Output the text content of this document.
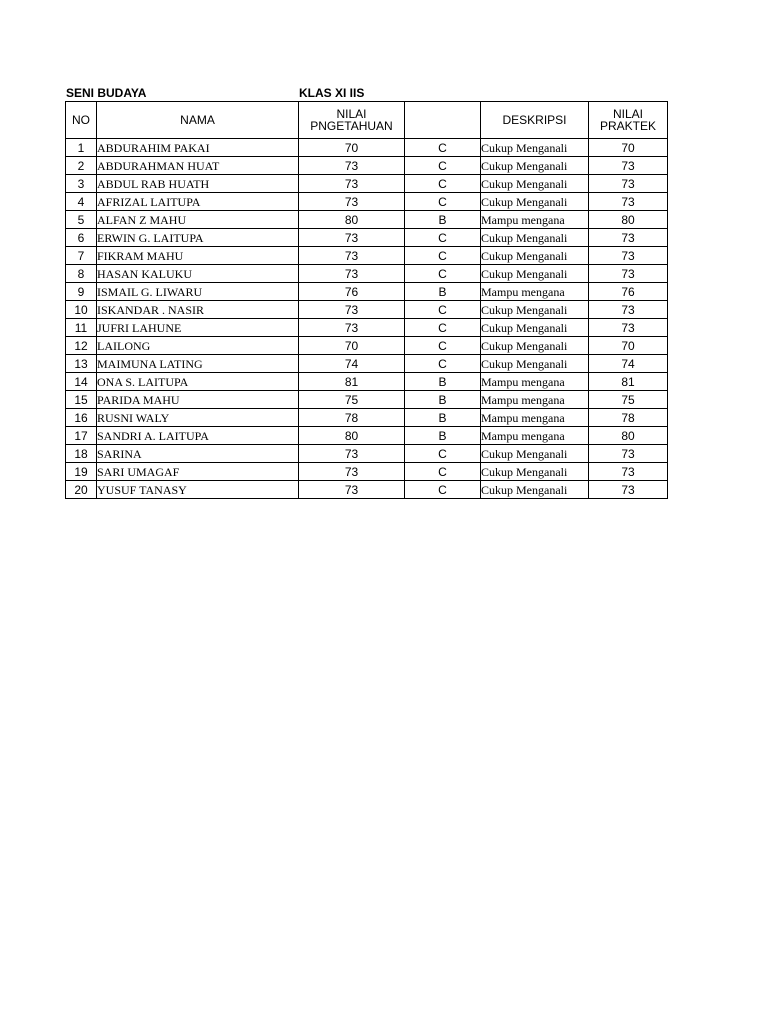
SENI BUDAYA	KLAS XI IIS
NO	NAMA	NILAI PNGETAHUAN		DESKRIPSI	NILAI PRAKTEK
1	ABDURAHIM PAKAI	70	C	Cukup Menganali	70
2	ABDURAHMAN HUAT	73	C	Cukup Menganali	73
3	ABDUL RAB HUATH	73	C	Cukup Menganali	73
4	AFRIZAL LAITUPA	73	C	Cukup Menganali	73
5	ALFAN Z MAHU	80	B	Mampu mengana	80
6	ERWIN G. LAITUPA	73	C	Cukup Menganali	73
7	FIKRAM MAHU	73	C	Cukup Menganali	73
8	HASAN KALUKU	73	C	Cukup Menganali	73
9	ISMAIL G. LIWARU	76	B	Mampu mengana	76
10	ISKANDAR . NASIR	73	C	Cukup Menganali	73
11	JUFRI LAHUNE	73	C	Cukup Menganali	73
12	LAILONG	70	C	Cukup Menganali	70
13	MAIMUNA LATING	74	C	Cukup Menganali	74
14	ONA S. LAITUPA	81	B	Mampu mengana	81
15	PARIDA MAHU	75	B	Mampu mengana	75
16	RUSNI WALY	78	B	Mampu mengana	78
17	SANDRI A. LAITUPA	80	B	Mampu mengana	80
18	SARINA	73	C	Cukup Menganali	73
19	SARI UMAGAF	73	C	Cukup Menganali	73
20	YUSUF TANASY	73	C	Cukup Menganali	73
